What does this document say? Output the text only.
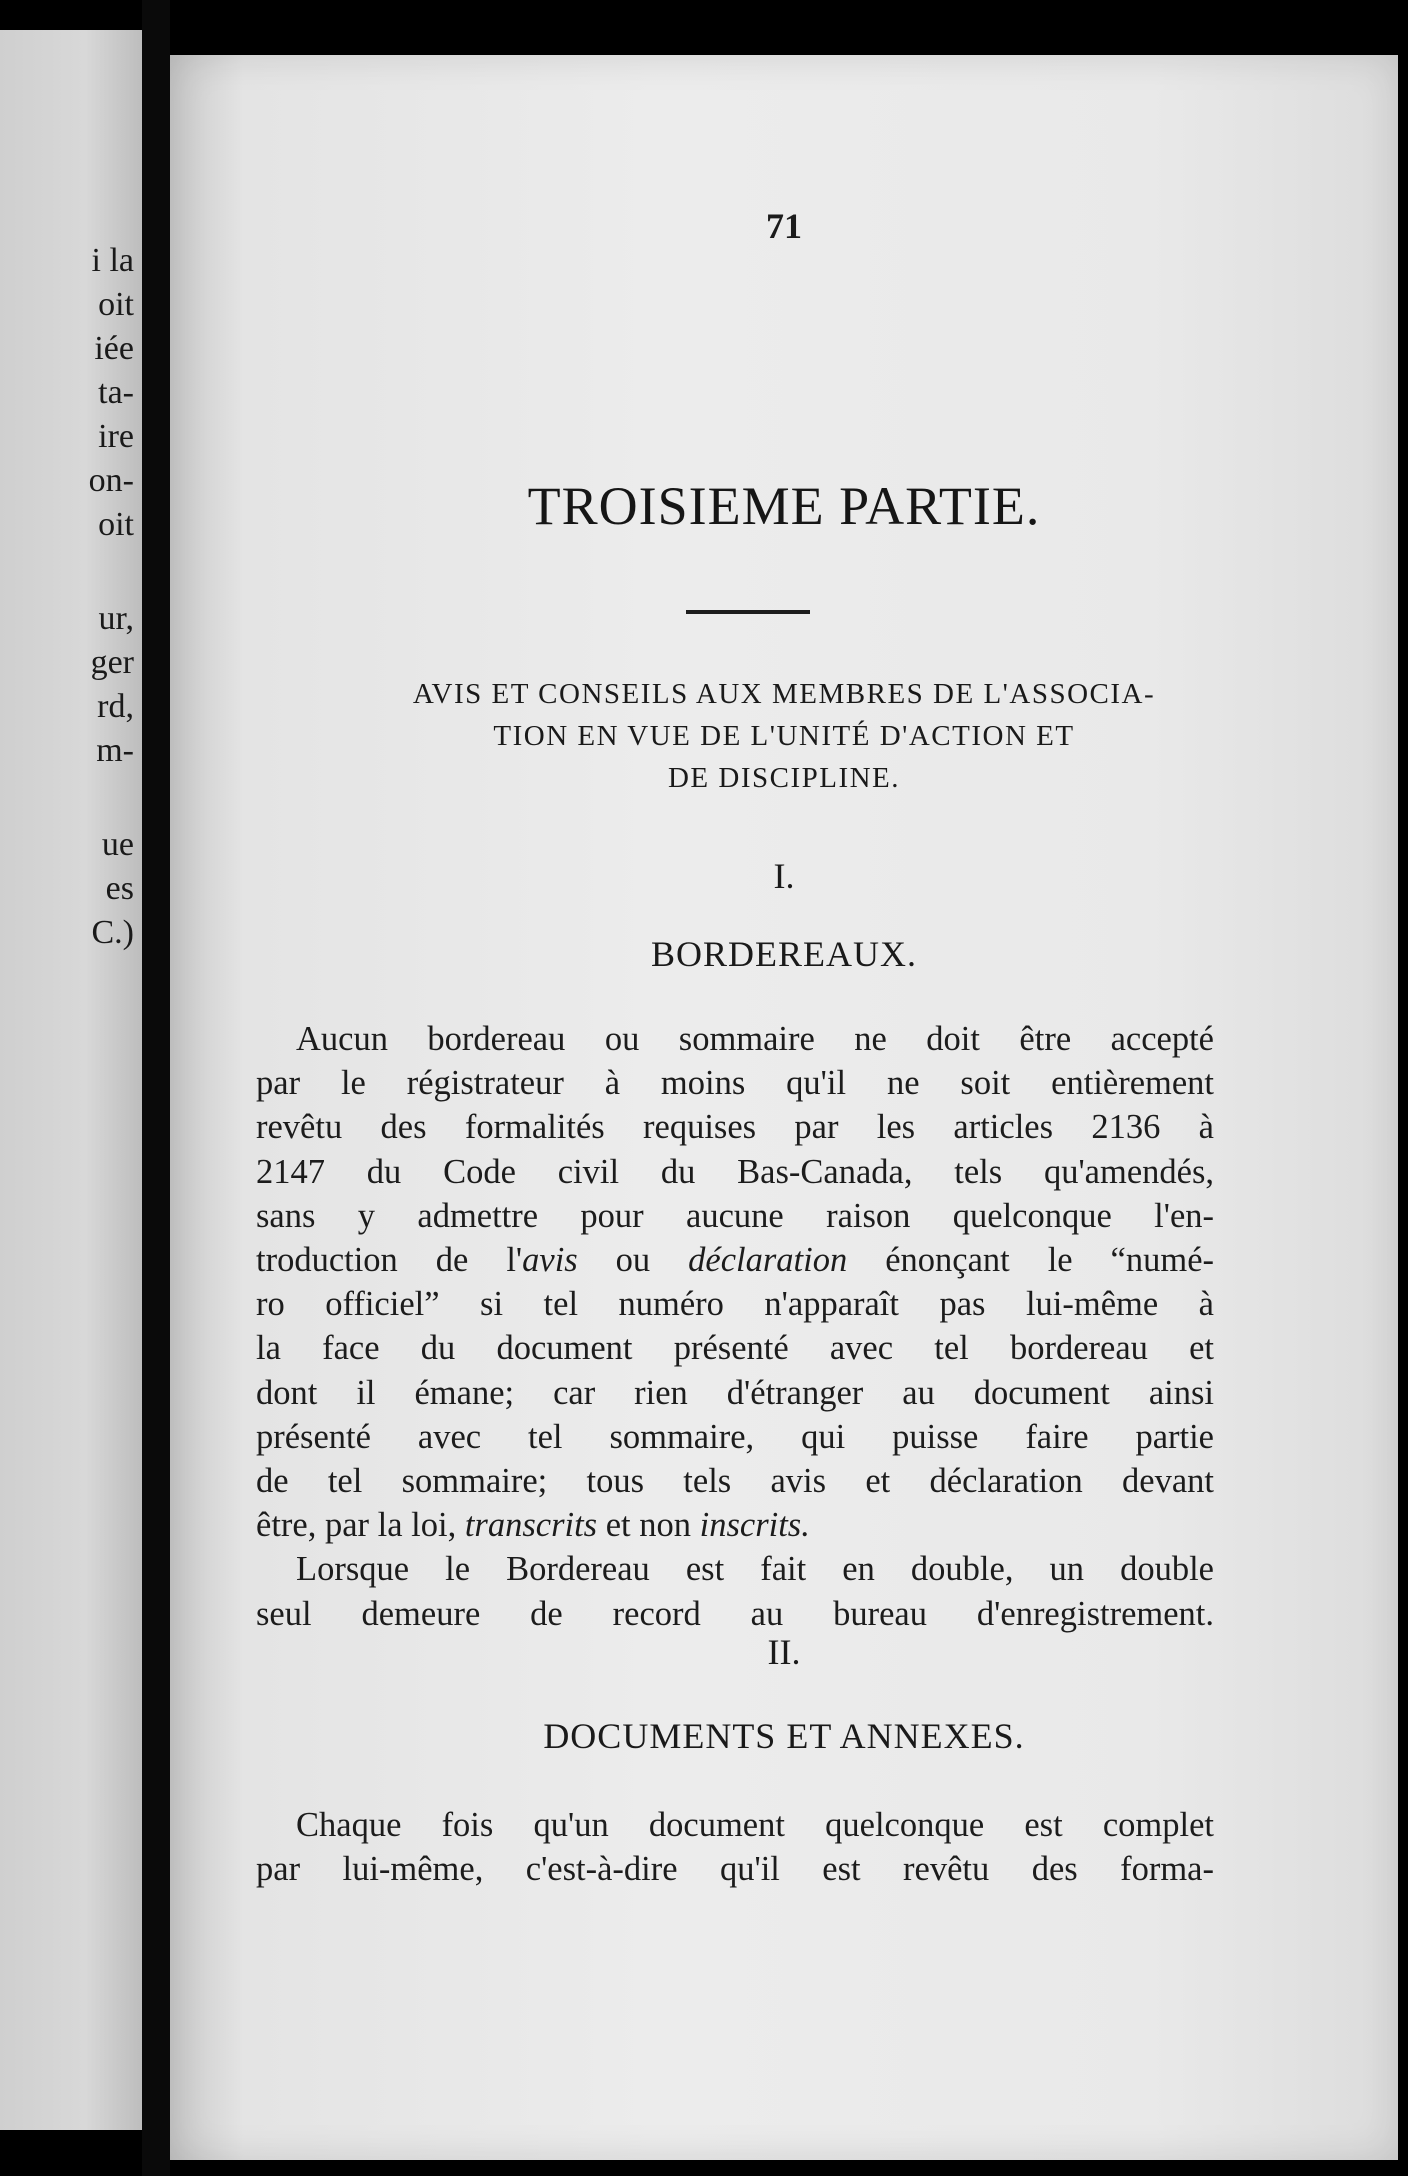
i la
oit
iée
ta-
ire
on-
oit
ur,
ger
rd,
m-
ue
es
C.)
71
TROISIEME PARTIE.
AVIS ET CONSEILS AUX MEMBRES DE L'ASSOCIA-
TION EN VUE DE L'UNITÉ D'ACTION ET
DE DISCIPLINE.
I.
BORDEREAUX.
Aucun bordereau ou sommaire ne doit être accepté
par le régistrateur à moins qu'il ne soit entièrement
revêtu des formalités requises par les articles 2136 à
2147 du Code civil du Bas-Canada, tels qu'amendés,
sans y admettre pour aucune raison quelconque l'en-
troduction de l'avis ou déclaration énonçant le “numé-
ro officiel” si tel numéro n'apparaît pas lui-même à
la face du document présenté avec tel bordereau et
dont il émane; car rien d'étranger au document ainsi
présenté avec tel sommaire, qui puisse faire partie
de tel sommaire; tous tels avis et déclaration devant
être, par la loi, transcrits et non inscrits.
Lorsque le Bordereau est fait en double, un double
seul demeure de record au bureau d'enregistrement.
II.
DOCUMENTS ET ANNEXES.
Chaque fois qu'un document quelconque est complet
par lui-même, c'est-à-dire qu'il est revêtu des forma-
